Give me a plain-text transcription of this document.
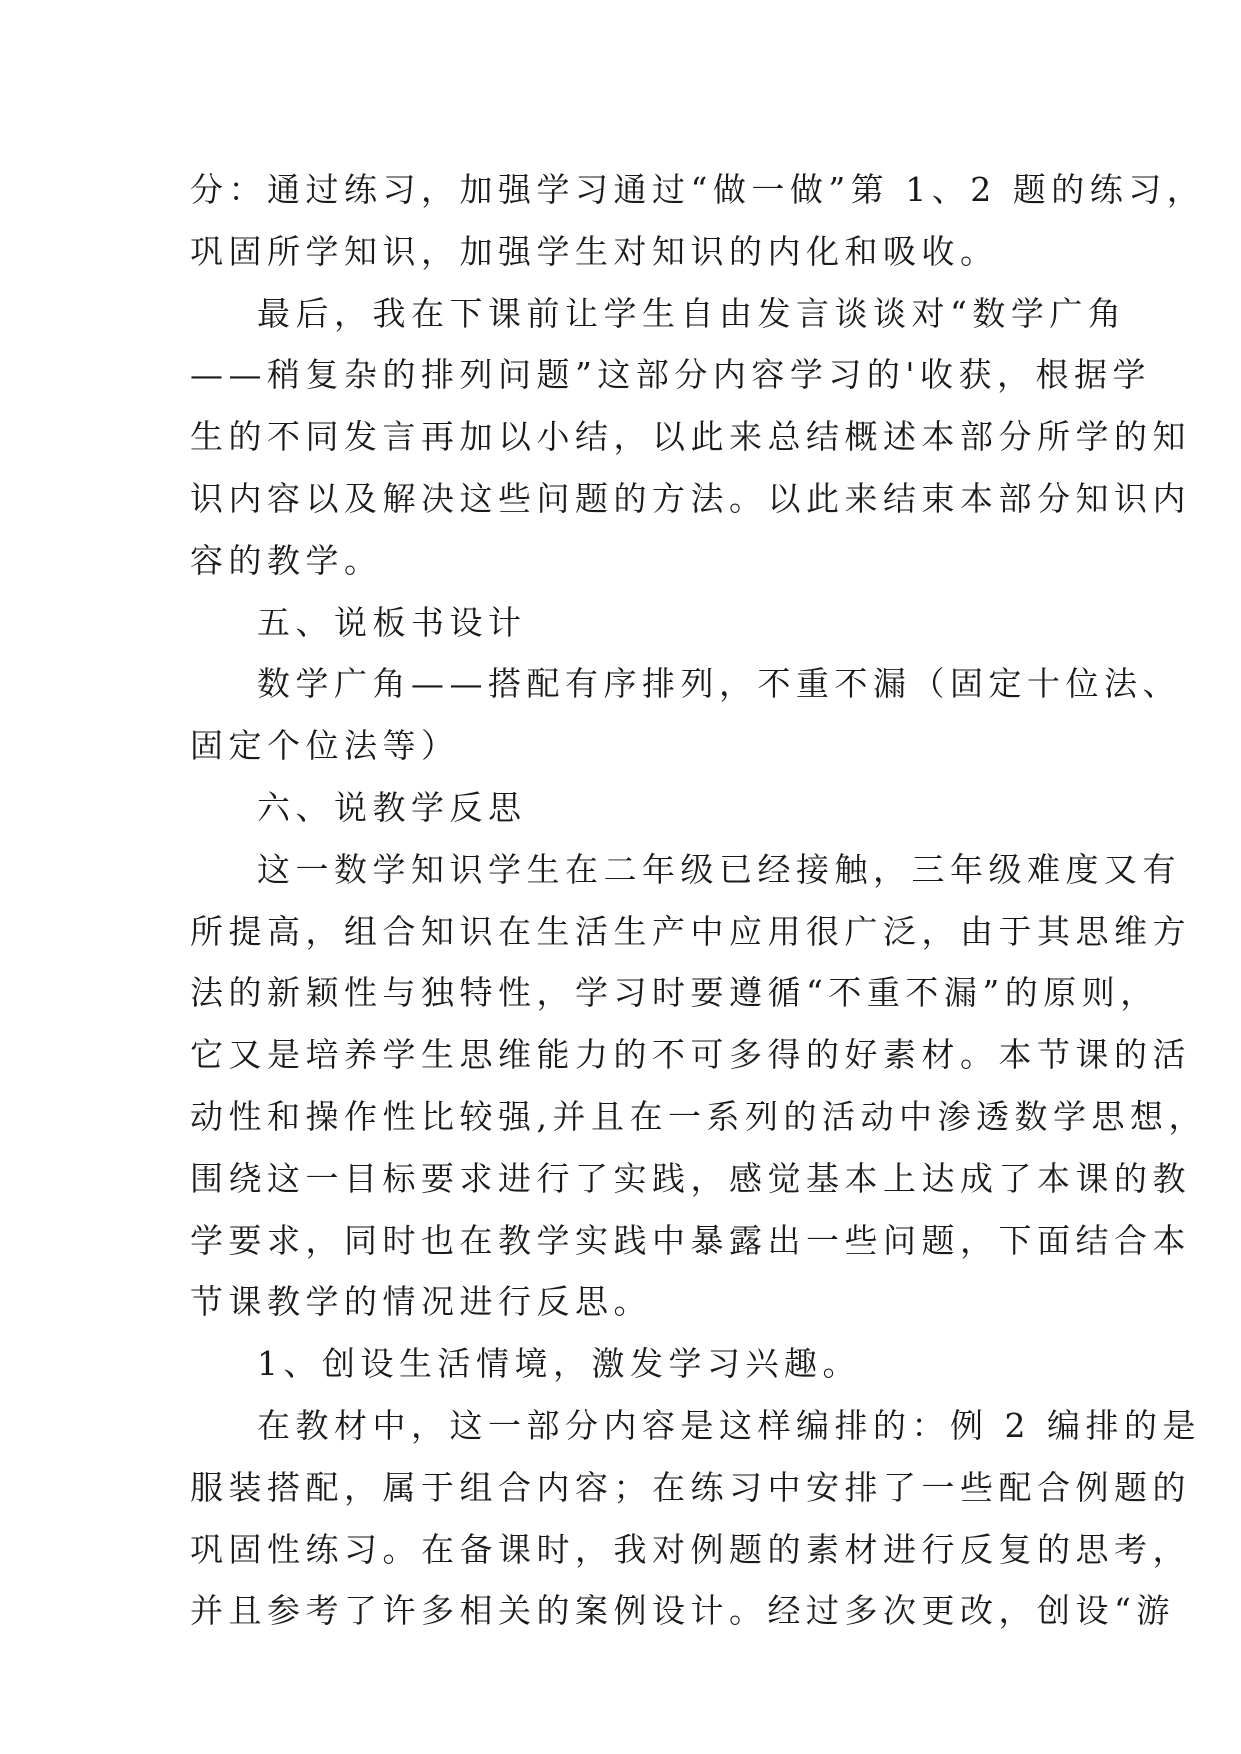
分：通过练习，加强学习通过“做一做”第 1、2 题的练习，
巩固所学知识，加强学生对知识的内化和吸收。
最后，我在下课前让学生自由发言谈谈对“数学广角
——稍复杂的排列问题”这部分内容学习的'收获，根据学
生的不同发言再加以小结，以此来总结概述本部分所学的知
识内容以及解决这些问题的方法。以此来结束本部分知识内
容的教学。
五、说板书设计
数学广角——搭配有序排列，不重不漏（固定十位法、
固定个位法等）
六、说教学反思
这一数学知识学生在二年级已经接触，三年级难度又有
所提高，组合知识在生活生产中应用很广泛，由于其思维方
法的新颖性与独特性，学习时要遵循“不重不漏”的原则，
它又是培养学生思维能力的不可多得的好素材。本节课的活
动性和操作性比较强,并且在一系列的活动中渗透数学思想，
围绕这一目标要求进行了实践，感觉基本上达成了本课的教
学要求，同时也在教学实践中暴露出一些问题，下面结合本
节课教学的情况进行反思。
1、创设生活情境，激发学习兴趣。
在教材中，这一部分内容是这样编排的：例 2 编排的是
服装搭配，属于组合内容；在练习中安排了一些配合例题的
巩固性练习。在备课时，我对例题的素材进行反复的思考，
并且参考了许多相关的案例设计。经过多次更改，创设“游
